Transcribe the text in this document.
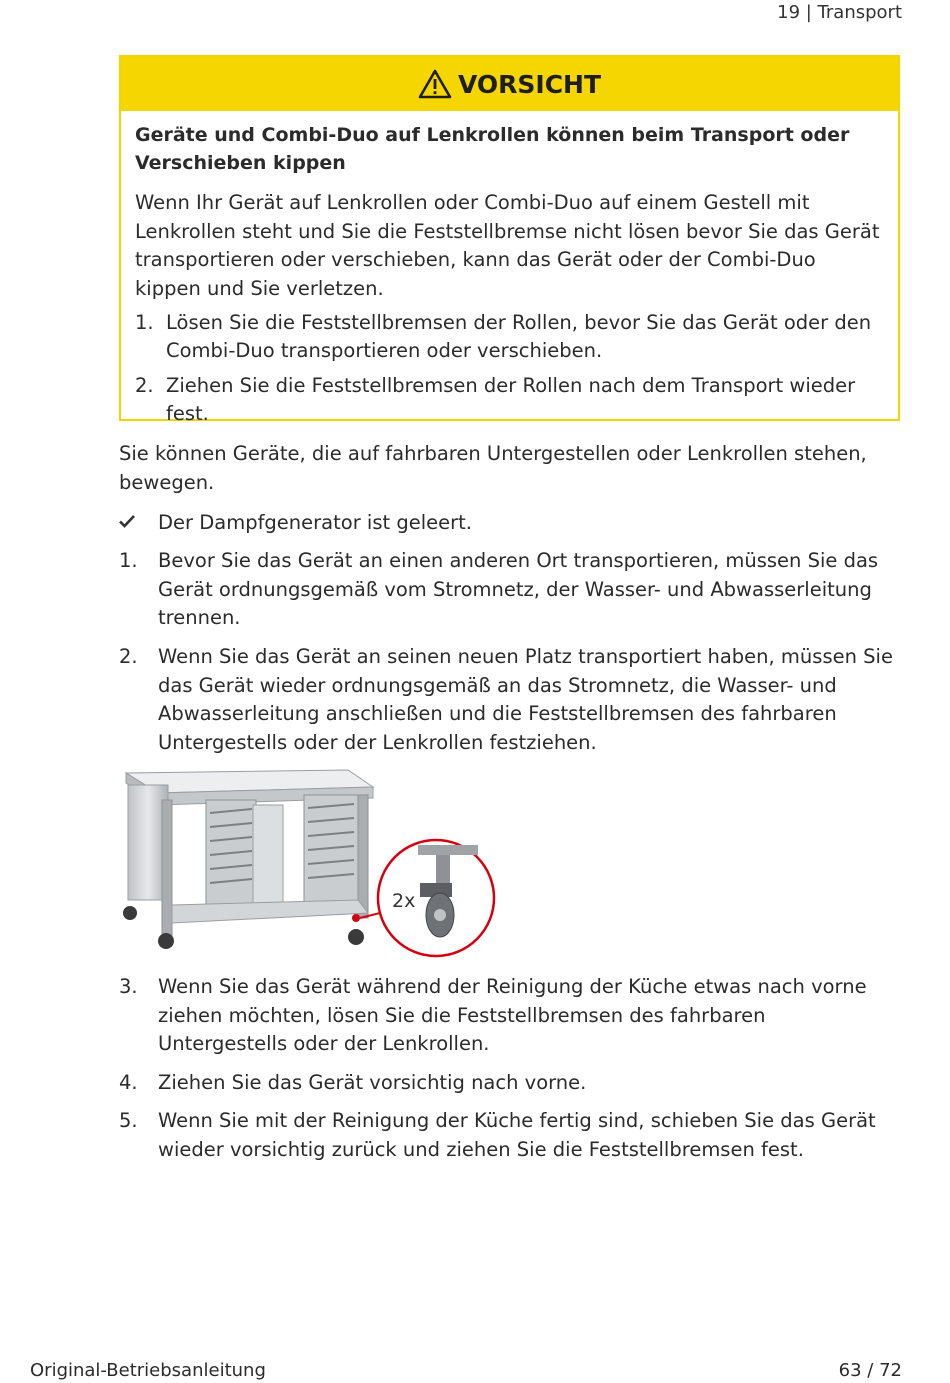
19 | Transport
VORSICHT
Geräte und Combi-Duo auf Lenkrollen können beim Transport oder Verschieben kippen
Wenn Ihr Gerät auf Lenkrollen oder Combi-Duo auf einem Gestell mit Lenkrollen steht und Sie die Feststellbremse nicht lösen bevor Sie das Gerät transportieren oder verschieben, kann das Gerät oder der Combi-Duo kippen und Sie verletzen.
1. Lösen Sie die Feststellbremsen der Rollen, bevor Sie das Gerät oder den Combi-Duo transportieren oder verschieben.
2. Ziehen Sie die Feststellbremsen der Rollen nach dem Transport wieder fest.
Sie können Geräte, die auf fahrbaren Untergestellen oder Lenkrollen stehen, bewegen.
Der Dampfgenerator ist geleert.
1.	Bevor Sie das Gerät an einen anderen Ort transportieren, müssen Sie das Gerät ordnungsgemäß vom Stromnetz, der Wasser- und Abwasserleitung trennen.
2.	Wenn Sie das Gerät an seinen neuen Platz transportiert haben, müssen Sie das Gerät wieder ordnungsgemäß an das Stromnetz, die Wasser- und Abwasserleitung anschließen und die Feststellbremsen des fahrbaren Untergestells oder der Lenkrollen festziehen.
2x
3.	Wenn Sie das Gerät während der Reinigung der Küche etwas nach vorne ziehen möchten, lösen Sie die Feststellbremsen des fahrbaren Untergestells oder der Lenkrollen.
4.	Ziehen Sie das Gerät vorsichtig nach vorne.
5.	Wenn Sie mit der Reinigung der Küche fertig sind, schieben Sie das Gerät wieder vorsichtig zurück und ziehen Sie die Feststellbremsen fest.
Original-Betriebsanleitung	63 / 72
